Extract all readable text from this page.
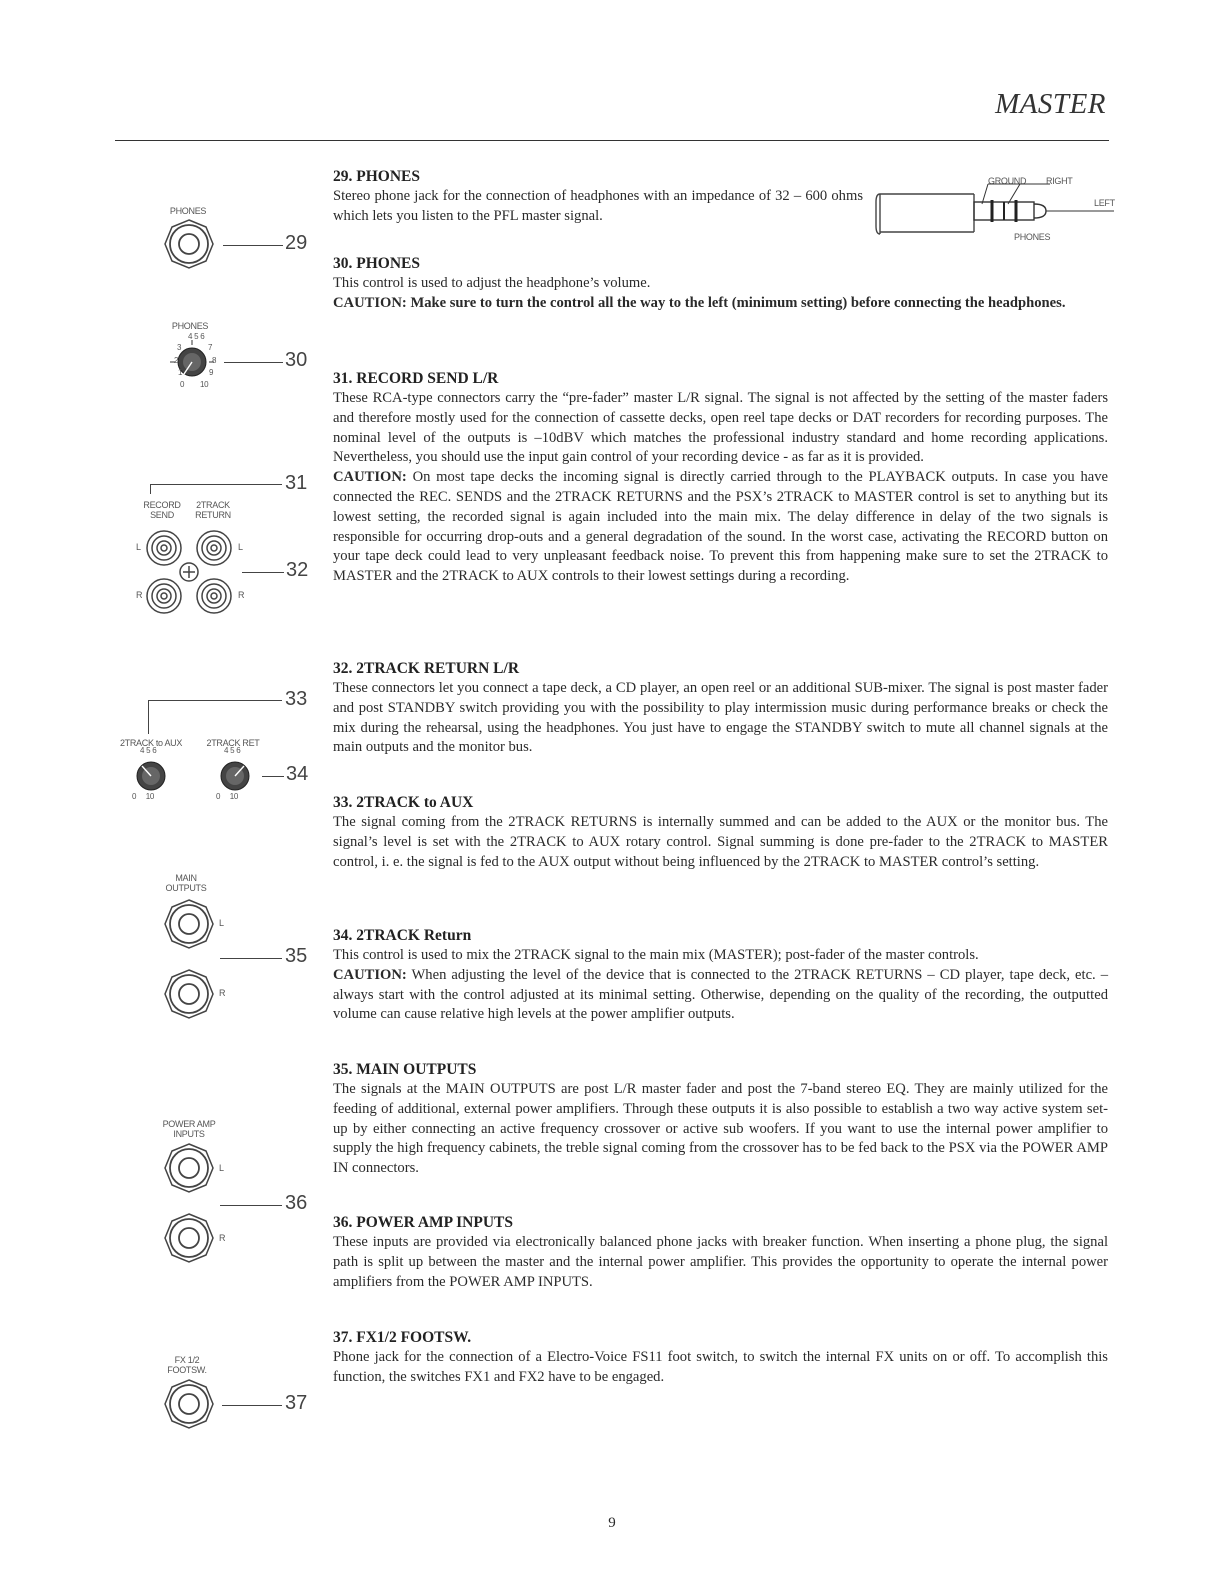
MASTER
29. PHONES

Stereo phone jack for the connection of headphones with an impedance of 32 – 600 ohms which lets you listen to the PFL master signal.

GROUND RIGHT
LEFT
PHONES
30. PHONES

This control is used to adjust the headphone’s volume.

CAUTION: Make sure to turn the control all the way to the left (minimum setting) before connecting the headphones.

31. RECORD SEND L/R

These RCA-type connectors carry the “pre-fader” master L/R signal. The signal is not affected by the setting of the master faders and therefore mostly used for the connection of cassette decks, open reel tape decks or DAT recorders for recording purposes. The nominal level of the outputs is –10dBV which matches the professional industry standard and home recording applications. Nevertheless, you should use the input gain control of your recording device - as far as it is provided.

CAUTION: On most tape decks the incoming signal is directly carried through to the PLAYBACK outputs. In case you have connected the REC. SENDS and the 2TRACK RETURNS and the PSX’s 2TRACK to MASTER control is set to anything but its lowest setting, the recorded signal is again included into the main mix. The delay difference in delay of the two signals is responsible for occurring drop-outs and a general degradation of the sound. In the worst case, activating the RECORD button on your tape deck could lead to very unpleasant feedback noise. To prevent this from happening make sure to set the 2TRACK to MASTER and the 2TRACK to AUX controls to their lowest settings during a recording.

32. 2TRACK RETURN L/R

These connectors let you connect a tape deck, a CD player, an open reel or an additional SUB-mixer. The signal is post master fader and post STANDBY switch providing you with the possibility to play intermission music during performance breaks or check the mix during the rehearsal, using the headphones. You just have to engage the STANDBY switch to mute all channel signals at the main outputs and the monitor bus.

33. 2TRACK to AUX

The signal coming from the 2TRACK RETURNS is internally summed and can be added to the AUX or the monitor bus. The signal’s level is set with the 2TRACK to AUX rotary control. Signal summing is done pre-fader to the 2TRACK to MASTER control, i. e. the signal is fed to the AUX output without being influenced by the 2TRACK to MASTER control’s setting.

34. 2TRACK Return

This control is used to mix the 2TRACK signal to the main mix (MASTER); post-fader of the master controls.

CAUTION: When adjusting the level of the device that is connected to the 2TRACK RETURNS – CD player, tape deck, etc. – always start with the control adjusted at its minimal setting. Otherwise, depending on the quality of the recording, the outputted volume can cause relative high levels at the power amplifier outputs.

35. MAIN OUTPUTS

The signals at the MAIN OUTPUTS are post L/R master fader and post the 7-band stereo EQ. They are mainly utilized for the feeding of additional, external power amplifiers. Through these outputs it is also possible to establish a two way active system set-up by either connecting an active frequency crossover or active sub woofers. If you want to use the internal power amplifier to supply the high frequency cabinets, the treble signal coming from the crossover has to be fed back to the PSX via the POWER AMP IN connectors.

36. POWER AMP INPUTS

These inputs are provided via electronically balanced phone jacks with breaker function. When inserting a phone plug, the signal path is split up between the master and the internal power amplifier. This provides the opportunity to operate the internal power amplifiers from the POWER AMP INPUTS.

37. FX1/2 FOOTSW.

Phone jack for the connection of a Electro-Voice FS11 foot switch, to switch the internal FX units on or off. To accomplish this function, the switches FX1 and FX2 have to be engaged.

9
PHONES
29
PHONES
4 5 6
3	7
2	8
1	9
0 10
30
31
RECORD SEND
2TRACK RETURN
L	L
R	R
32
33
2TRACK to AUX	2TRACK RET
4 5 6	4 5 6
0 10	0 10
34
MAIN OUTPUTS
L
R
35
POWER AMP INPUTS
L
R
36
FX 1/2 FOOTSW.
37
